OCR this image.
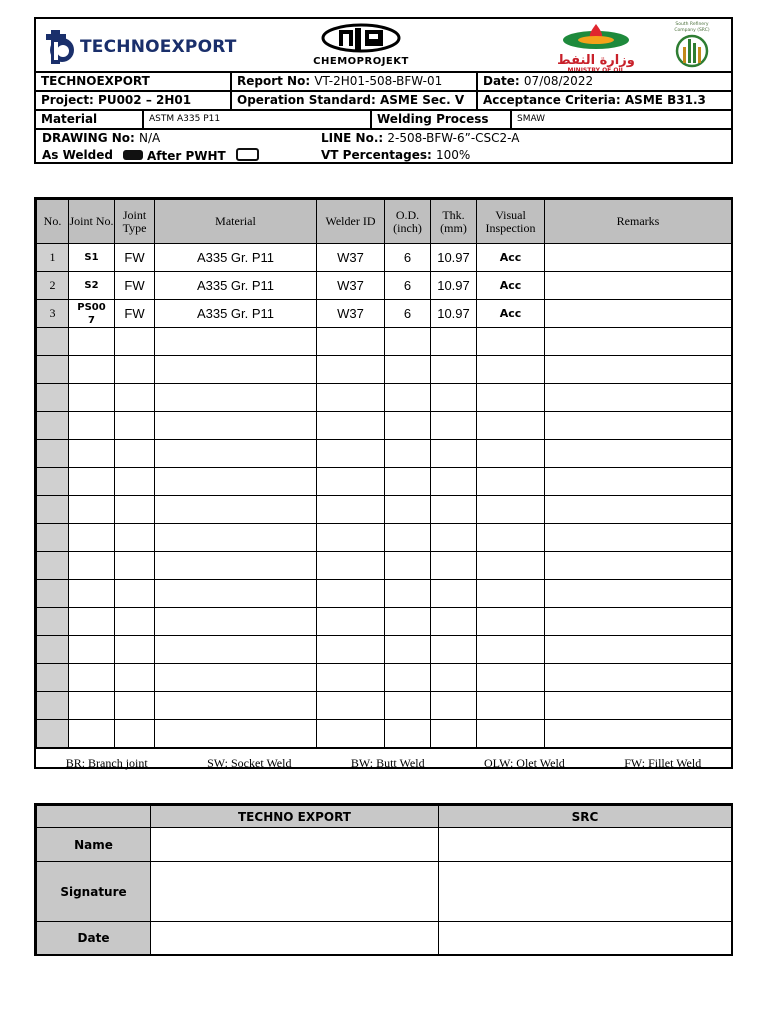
TECHNOEXPORT
CHEMOPROJEKT	وزارة النفط
MINISTRY OF OIL
South Refinery
Company (SRC)
TECHNOEXPORT	Report No: VT-2H01-508-BFW-01	Date: 07/08/2022
Project: PU002 – 2H01	Operation Standard: ASME Sec. V	Acceptance Criteria: ASME B31.3
Material	ASTM A335 P11	Welding Process	SMAW
DRAWING No: N/A	LINE No.: 2-508-BFW-6”-CSC2-A
As Welded	After PWHT	VT Percentages: 100%
No.	Joint No.	Joint Type	Material	Welder ID	O.D. (inch)	Thk. (mm)	Visual Inspection	Remarks
1	S1	FW	A335 Gr. P11	W37	6	10.97	Acc	
2	S2	FW	A335 Gr. P11	W37	6	10.97	Acc	
3	PS007	FW	A335 Gr. P11	W37	6	10.97	Acc	

BR: Branch joint	SW: Socket Weld	BW: Butt Weld	OLW: Olet Weld	FW: Fillet Weld
	TECHNO EXPORT	SRC
Name		
Signature		
Date		
